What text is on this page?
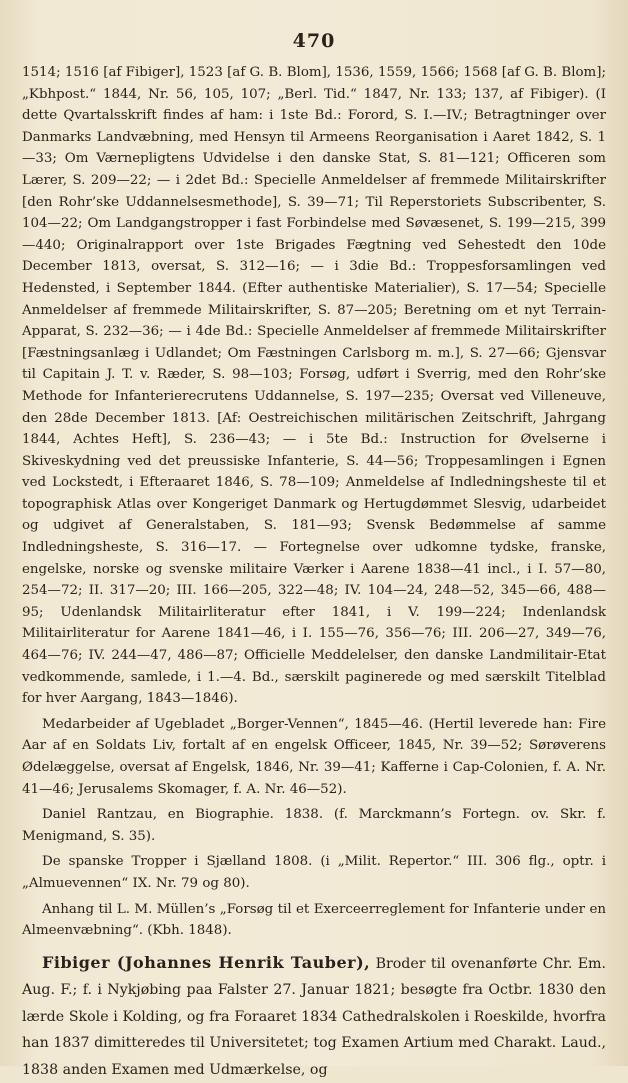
470

1514; 1516 [af Fibiger], 1523 [af G. B. Blom], 1536, 1559, 1566; 1568 [af G. B. Blom]; „Kbhpost.“ 1844, Nr. 56, 105, 107; „Berl. Tid.“ 1847, Nr. 133; 137, af Fibiger). (I dette Qvartalsskrift findes af ham: i 1ste Bd.: Forord, S. I.—IV.; Betragtninger over Danmarks Landvæbning, med Hensyn til Armeens Reorganisation i Aaret 1842, S. 1—33; Om Værnepligtens Udvidelse i den danske Stat, S. 81—121; Officeren som Lærer, S. 209—22; — i 2det Bd.: Specielle Anmeldelser af fremmede Militairskrifter [den Rohr’ske Uddannelsesmethode], S. 39—71; Til Reperstoriets Subscribenter, S. 104—22; Om Landgangstropper i fast Forbindelse med Søvæsenet, S. 199—215, 399—440; Originalrapport over 1ste Brigades Fægtning ved Sehestedt den 10de December 1813, oversat, S. 312—16; — i 3die Bd.: Troppesforsamlingen ved Hedensted, i September 1844. (Efter authentiske Materialier), S. 17—54; Specielle Anmeldelser af fremmede Militairskrifter, S. 87—205; Beretning om et nyt Terrain-Apparat, S. 232—36; — i 4de Bd.: Specielle Anmeldelser af fremmede Militairskrifter [Fæstningsanlæg i Udlandet; Om Fæstningen Carlsborg m. m.], S. 27—66; Gjensvar til Capitain J. T. v. Ræder, S. 98—103; Forsøg, udført i Sverrig, med den Rohr’ske Methode for Infanterierecrutens Uddannelse, S. 197—235; Oversat ved Villeneuve, den 28de December 1813. [Af: Oestreichischen militärischen Zeitschrift, Jahrgang 1844, Achtes Heft], S. 236—43; — i 5te Bd.: Instruction for Øvelserne i Skiveskydning ved det preussiske Infanterie, S. 44—56; Troppesamlingen i Egnen ved Lockstedt, i Efteraaret 1846, S. 78—109; Anmeldelse af Indledningsheste til et topographisk Atlas over Kongeriget Danmark og Hertugdømmet Slesvig, udarbeidet og udgivet af Generalstaben, S. 181—93; Svensk Bedømmelse af samme Indledningsheste, S. 316—17. — Fortegnelse over udkomne tydske, franske, engelske, norske og svenske militaire Værker i Aarene 1838—41 incl., i I. 57—80, 254—72; II. 317—20; III. 166—205, 322—48; IV. 104—24, 248—52, 345—66, 488—95; Udenlandsk Militairliteratur efter 1841, i V. 199—224; Indenlandsk Militairliteratur for Aarene 1841—46, i I. 155—76, 356—76; III. 206—27, 349—76, 464—76; IV. 244—47, 486—87; Officielle Meddelelser, den danske Landmilitair-Etat vedkommende, samlede, i 1.—4. Bd., særskilt paginerede og med særskilt Titelblad for hver Aargang, 1843—1846).

Medarbeider af Ugebladet „Borger-Vennen“, 1845—46. (Hertil leverede han: Fire Aar af en Soldats Liv, fortalt af en engelsk Officeer, 1845, Nr. 39—52; Sørøverens Ødelæggelse, oversat af Engelsk, 1846, Nr. 39—41; Kafferne i Cap-Colonien, f. A. Nr. 41—46; Jerusalems Skomager, f. A. Nr. 46—52).

Daniel Rantzau, en Biographie. 1838. (f. Marckmann’s Fortegn. ov. Skr. f. Menigmand, S. 35).

De spanske Tropper i Sjælland 1808. (i „Milit. Repertor.“ III. 306 flg., optr. i „Almuevennen“ IX. Nr. 79 og 80).

Anhang til L. M. Müllen’s „Forsøg til et Exerceerreglement for Infanterie under en Almeenvæbning“. (Kbh. 1848).

Fibiger (Johannes Henrik Tauber), Broder til ovenanførte Chr. Em. Aug. F.; f. i Nykjøbing paa Falster 27. Januar 1821; besøgte fra Octbr. 1830 den lærde Skole i Kolding, og fra Foraaret 1834 Cathedralskolen i Roeskilde, hvorfra han 1837 dimitteredes til Universitetet; tog Examen Artium med Charakt. Laud., 1838 anden Examen med Udmærkelse, og
